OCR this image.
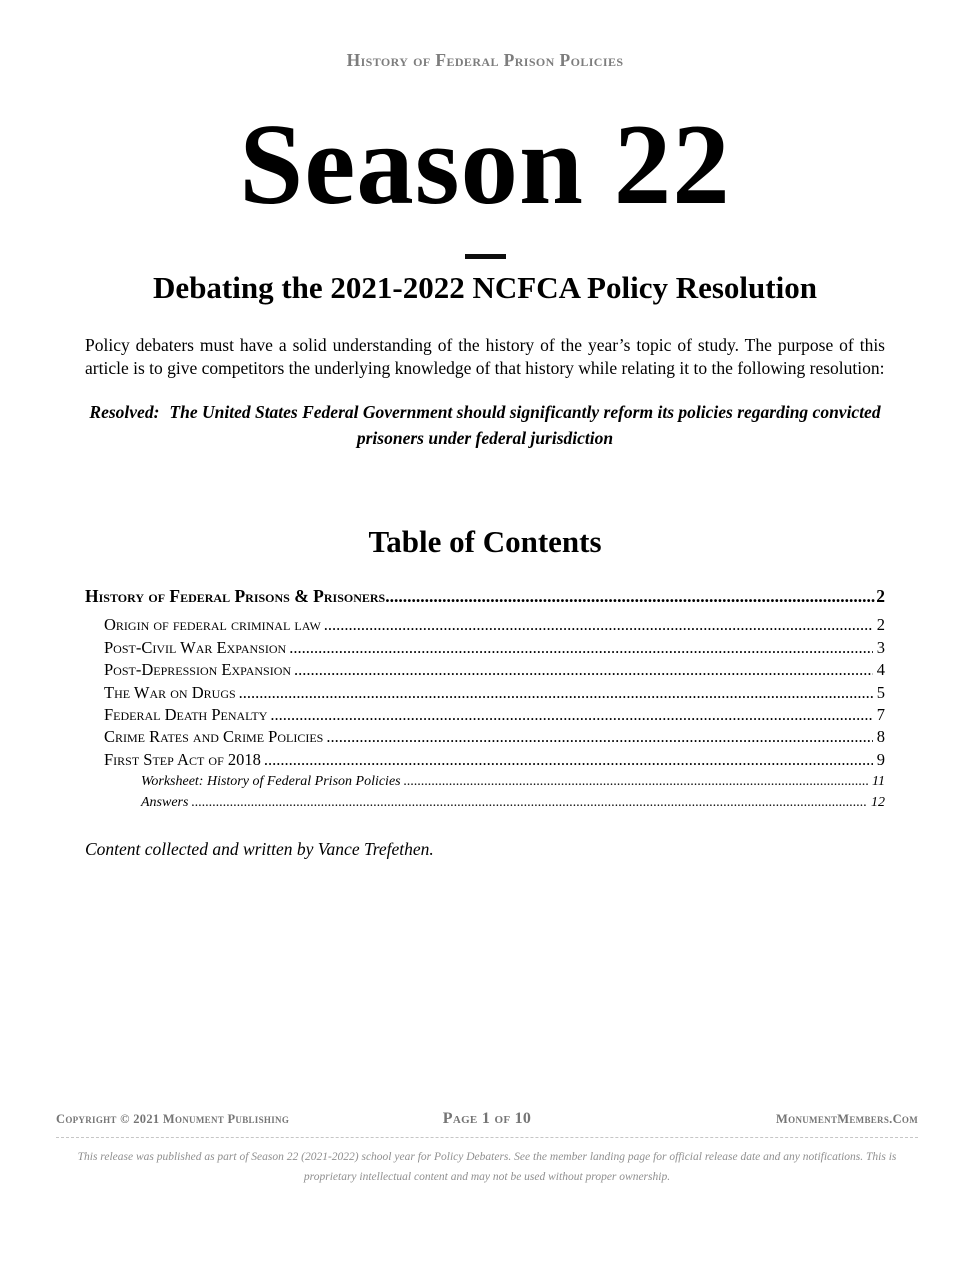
History of Federal Prison Policies
Season 22
Debating the 2021-2022 NCFCA Policy Resolution

Policy debaters must have a solid understanding of the history of the year’s topic of study. The purpose of this article is to give competitors the underlying knowledge of that history while relating it to the following resolution:

Resolved: The United States Federal Government should significantly reform its policies regarding convicted prisoners under federal jurisdiction

Table of Contents
History of Federal Prisons & Prisoners .....	2
Origin of federal criminal law .....	2
Post-Civil War Expansion .....	3
Post-Depression Expansion .....	4
The War on Drugs .....	5
Federal Death Penalty .....	7
Crime Rates and Crime Policies .....	8
First Step Act of 2018 .....	9
Worksheet: History of Federal Prison Policies .....	11
Answers .....	12

Content collected and written by Vance Trefethen.

Copyright © 2021 Monument Publishing	Page 1 of 10	MonumentMembers.Com
This release was published as part of Season 22 (2021-2022) school year for Policy Debaters. See the member landing page for official release date and any notifications. This is proprietary intellectual content and may not be used without proper ownership.
